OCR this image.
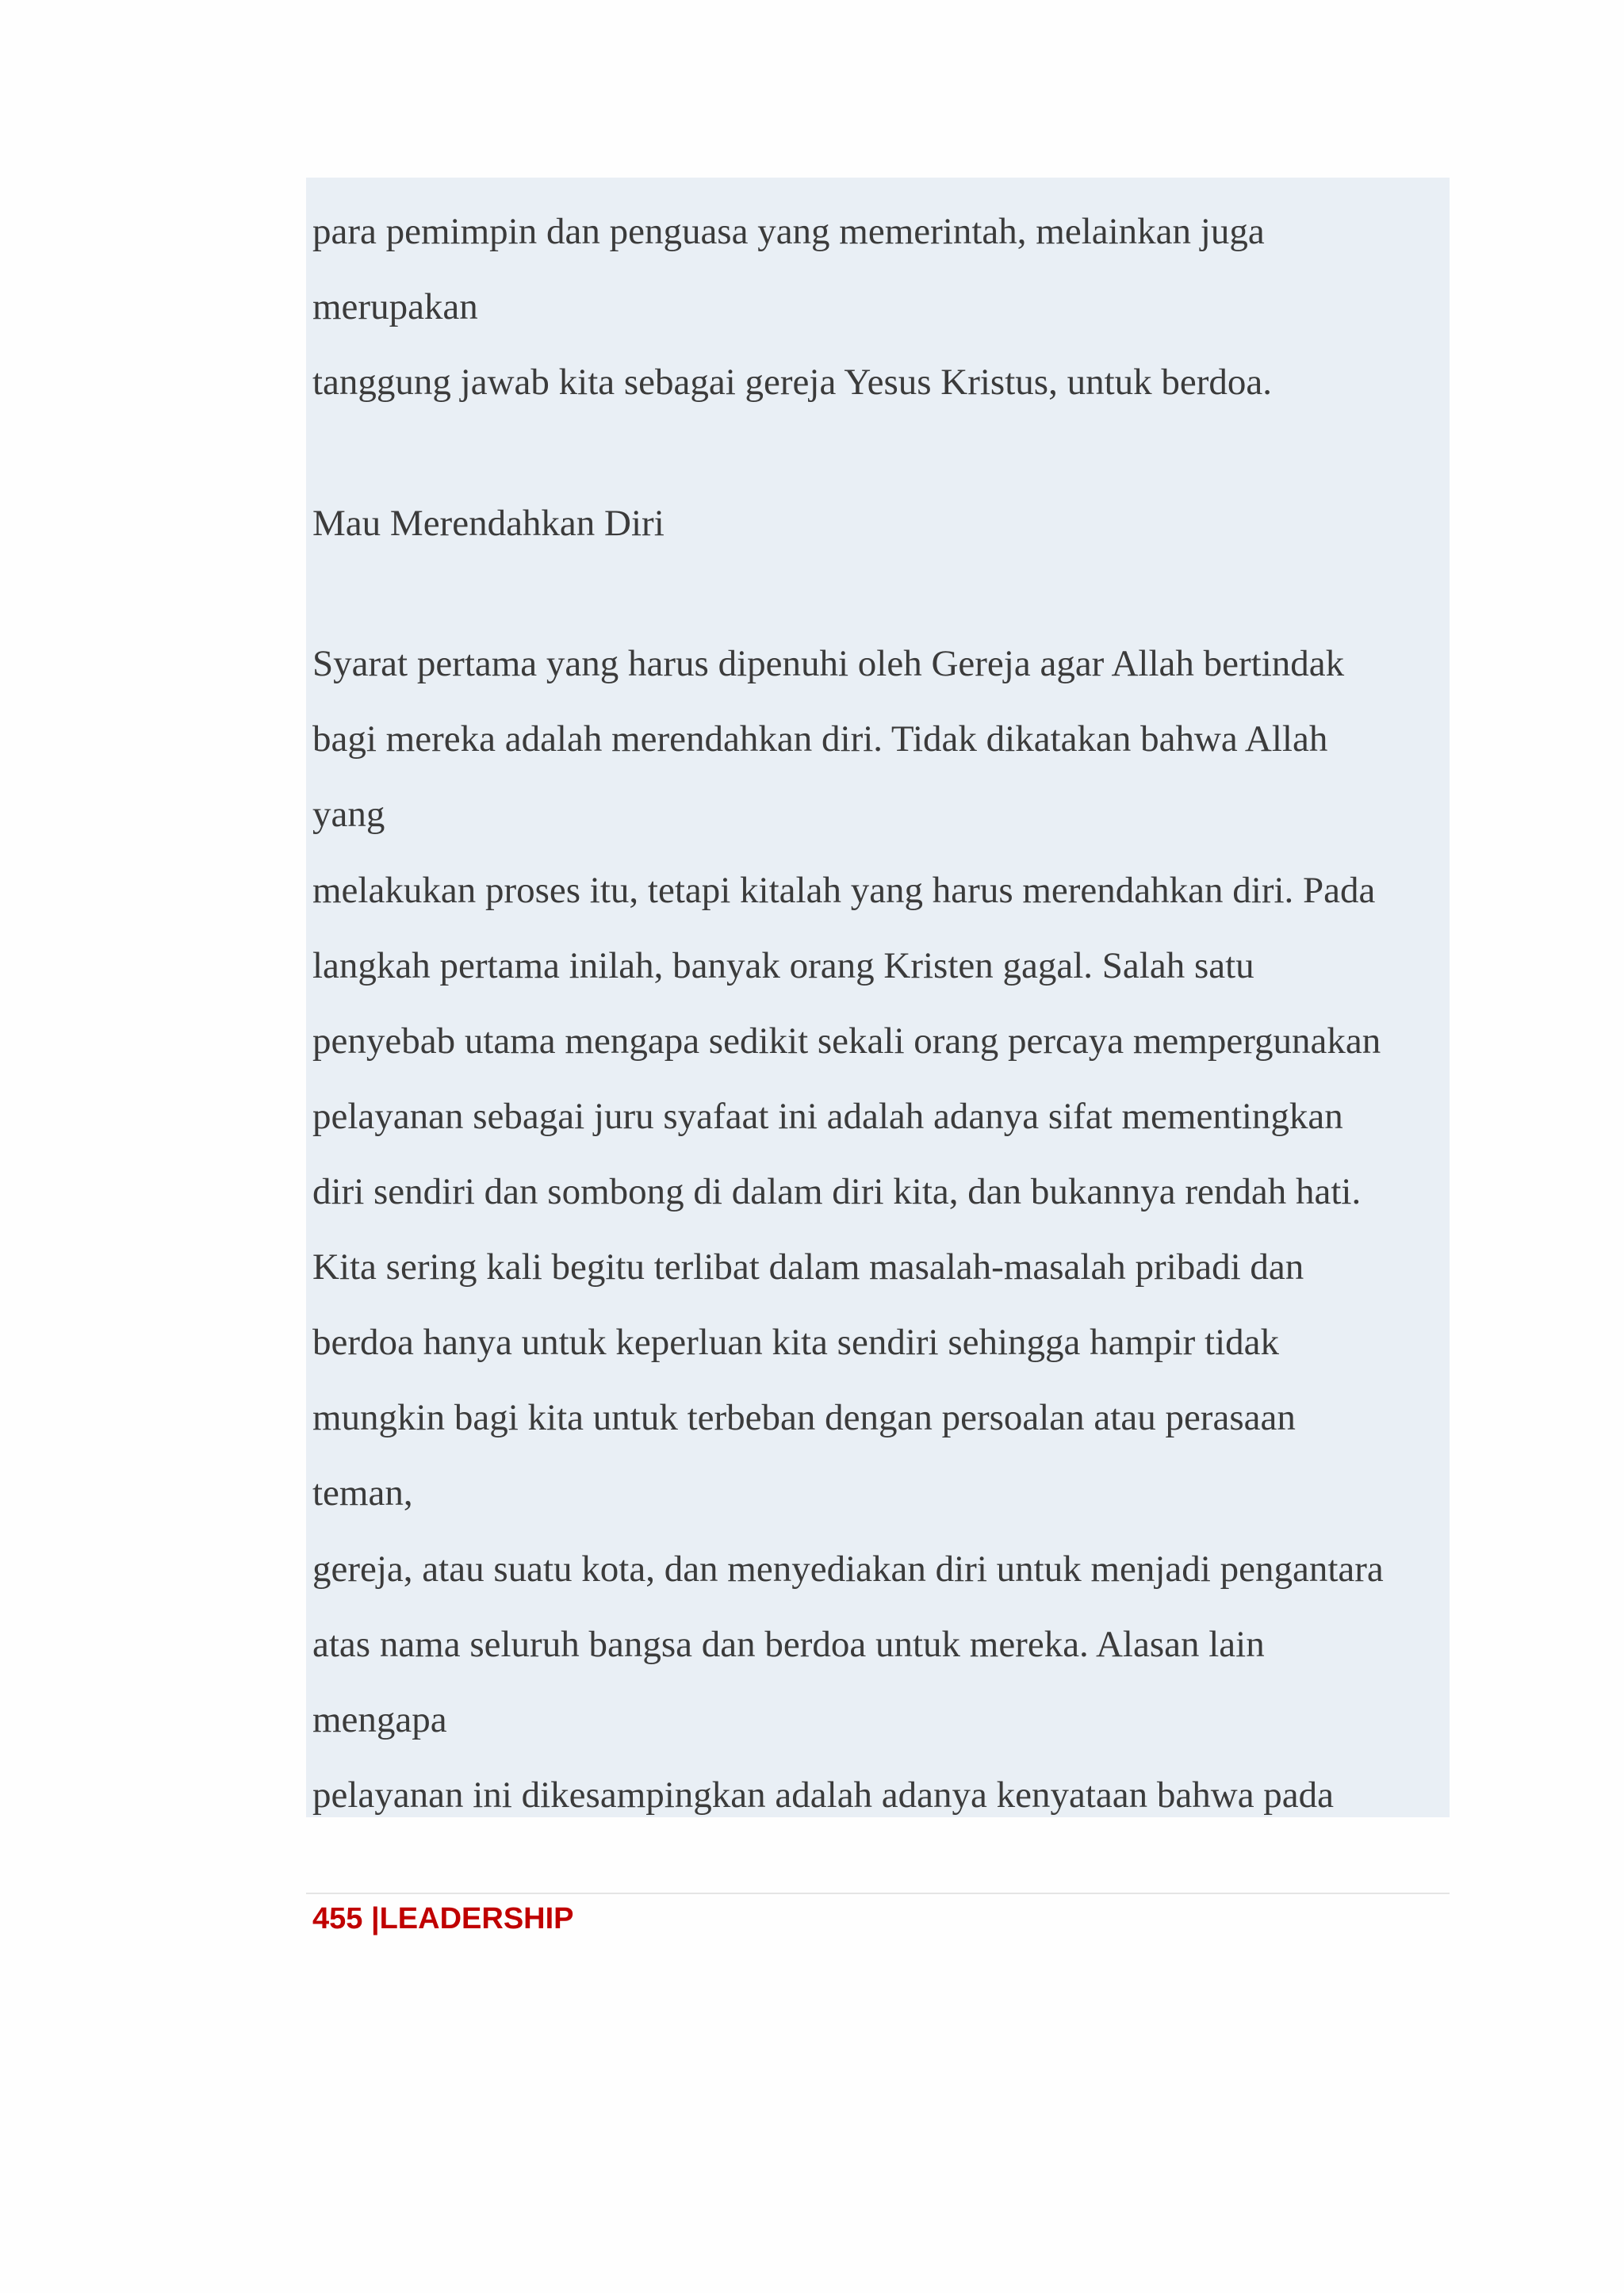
para pemimpin dan penguasa yang memerintah, melainkan juga

merupakan

tanggung jawab kita sebagai gereja Yesus Kristus, untuk berdoa.

Mau Merendahkan Diri

Syarat pertama yang harus dipenuhi oleh Gereja agar Allah bertindak

bagi mereka adalah merendahkan diri. Tidak dikatakan bahwa Allah

yang

melakukan proses itu, tetapi kitalah yang harus merendahkan diri. Pada

langkah pertama inilah, banyak orang Kristen gagal. Salah satu

penyebab utama mengapa sedikit sekali orang percaya mempergunakan

pelayanan sebagai juru syafaat ini adalah adanya sifat mementingkan

diri sendiri dan sombong di dalam diri kita, dan bukannya rendah hati.

Kita sering kali begitu terlibat dalam masalah-masalah pribadi dan

berdoa hanya untuk keperluan kita sendiri sehingga hampir tidak

mungkin bagi kita untuk terbeban dengan persoalan atau perasaan

teman,

gereja, atau suatu kota, dan menyediakan diri untuk menjadi pengantara

atas nama seluruh bangsa dan berdoa untuk mereka. Alasan lain

mengapa

pelayanan ini dikesampingkan adalah adanya kenyataan bahwa pada

455 |LEADERSHIP
